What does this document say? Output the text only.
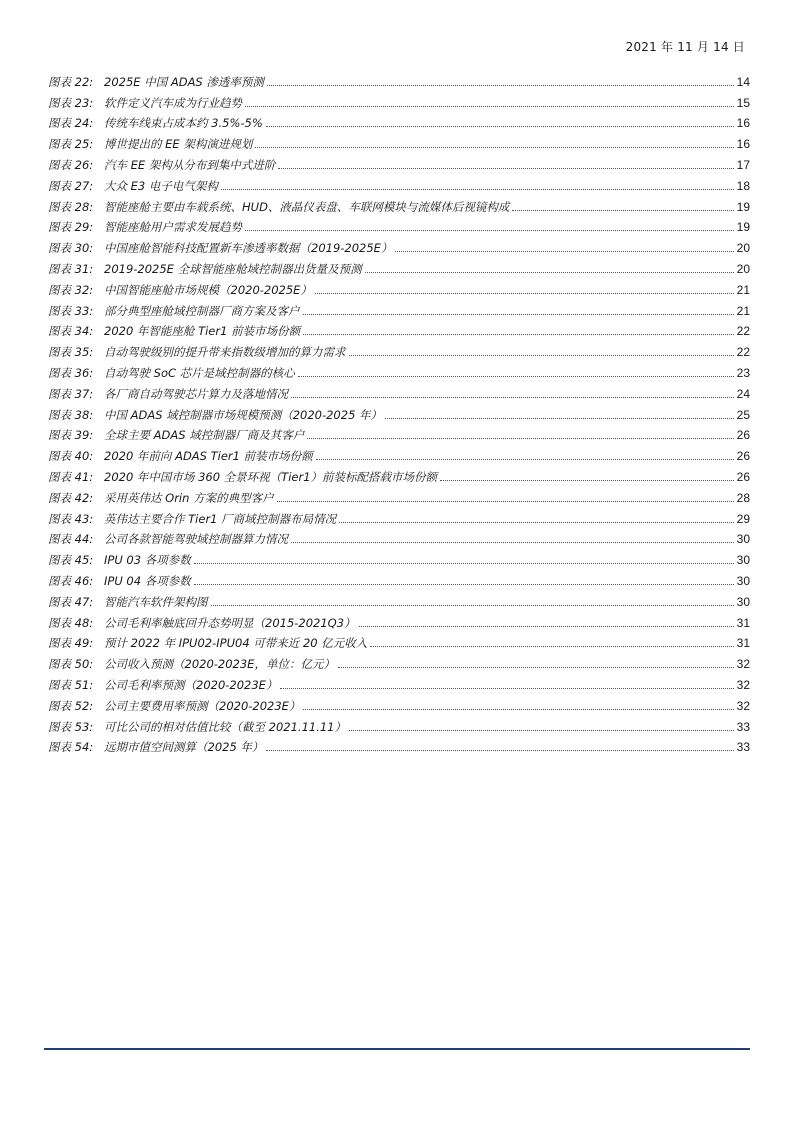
2021 年 11 月 14 日
图表 22: 2025E 中国 ADAS 渗透率预测	14
图表 23: 软件定义汽车成为行业趋势	15
图表 24: 传统车线束占成本约 3.5%-5%	16
图表 25: 博世提出的 EE 架构演进规划	16
图表 26: 汽车 EE 架构从分布到集中式进阶	17
图表 27: 大众 E3 电子电气架构	18
图表 28: 智能座舱主要由车载系统、HUD、液晶仪表盘、车联网模块与流媒体后视镜构成	19
图表 29: 智能座舱用户需求发展趋势	19
图表 30: 中国座舱智能科技配置新车渗透率数据（2019-2025E）	20
图表 31: 2019-2025E 全球智能座舱域控制器出货量及预测	20
图表 32: 中国智能座舱市场规模（2020-2025E）	21
图表 33: 部分典型座舱域控制器厂商方案及客户	21
图表 34: 2020 年智能座舱 Tier1 前装市场份额	22
图表 35: 自动驾驶级别的提升带来指数级增加的算力需求	22
图表 36: 自动驾驶 SoC 芯片是域控制器的核心	23
图表 37: 各厂商自动驾驶芯片算力及落地情况	24
图表 38: 中国 ADAS 域控制器市场规模预测（2020-2025 年）	25
图表 39: 全球主要 ADAS 域控制器厂商及其客户	26
图表 40: 2020 年前向 ADAS Tier1 前装市场份额	26
图表 41: 2020 年中国市场 360 全景环视（Tier1）前装标配搭载市场份额	26
图表 42: 采用英伟达 Orin 方案的典型客户	28
图表 43: 英伟达主要合作 Tier1 厂商域控制器布局情况	29
图表 44: 公司各款智能驾驶域控制器算力情况	30
图表 45: IPU 03 各项参数	30
图表 46: IPU 04 各项参数	30
图表 47: 智能汽车软件架构图	30
图表 48: 公司毛利率触底回升态势明显（2015-2021Q3）	31
图表 49: 预计 2022 年 IPU02-IPU04 可带来近 20 亿元收入	31
图表 50: 公司收入预测（2020-2023E，单位：亿元）	32
图表 51: 公司毛利率预测（2020-2023E）	32
图表 52: 公司主要费用率预测（2020-2023E）	32
图表 53: 可比公司的相对估值比较（截至 2021.11.11）	33
图表 54: 远期市值空间测算（2025 年）	33
